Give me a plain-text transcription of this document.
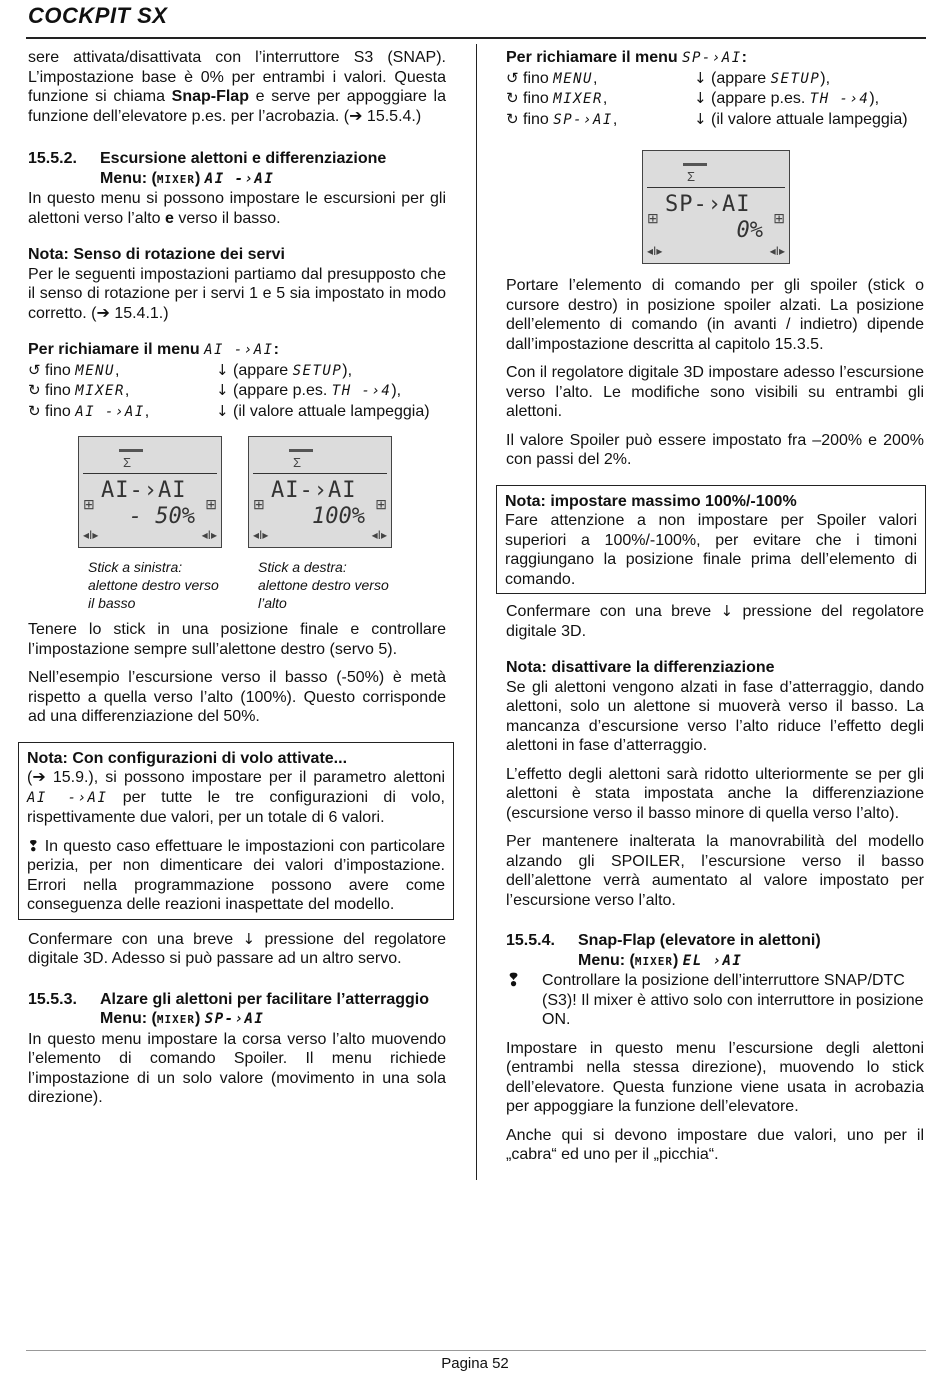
COCKPIT SX

sere attivata/disattivata con l’interruttore S3 (SNAP). L’impostazione base è 0% per entrambi i valori. Questa funzione si chiama Snap-Flap e serve per appoggiare la funzione dell’elevatore p.es. per l’acrobazia. (➔ 15.5.4.)

15.5.2.	Escursione alettoni e differenziazione
Menu: (MIXER) AI -›AI

In questo menu si possono impostare le escursioni per gli alettoni verso l’alto e verso il basso.

Nota: Senso di rotazione dei servi

Per le seguenti impostazioni partiamo dal presupposto che il senso di rotazione per i servi 1 e 5 sia impostato in modo corretto. (➔ 15.4.1.)

Per richiamare il menu AI -›AI:
↺ fino MENU,	↓ (appare SETUP),
↻ fino MIXER,	↓ (appare p.es. TH -›4),
↻ fino AI -›AI,	↓ (il valore attuale lampeggia)
Σ
AI-›AI
⊞	⊞
- 50%
◂I▸	◂I▸
Stick a sinistra: alettone destro verso il basso
Σ
AI-›AI
⊞	⊞
100%
◂I▸	◂I▸
Stick a destra: alettone destro verso l’alto

Tenere lo stick in una posizione finale e controllare l’impostazione sempre sull’alettone destro (servo 5).

Nell’esempio l’escursione verso il basso (-50%) è metà rispetto a quella verso l’alto (100%). Questo corrisponde ad una differenziazione del 50%.

Nota: Con configurazioni di volo attivate...

(➔ 15.9.), si possono impostare per il parametro alettoni AI -›AI per tutte le tre configurazioni di volo, rispettivamente due valori, per un totale di 6 valori.

❢ In questo caso effettuare le impostazioni con particolare perizia, per non dimenticare dei valori d’impostazione. Errori nella programmazione possono avere come conseguenza delle reazioni inaspettate del modello.

Confermare con una breve ↓ pressione del regolatore digitale 3D. Adesso si può passare ad un altro servo.

15.5.3.	Alzare gli alettoni per facilitare l’atterraggio
Menu: (MIXER) SP-›AI

In questo menu impostare la corsa verso l’alto muovendo l’elemento di comando Spoiler. Il menu richiede l’impostazione di un solo valore (movimento in una sola direzione).

Per richiamare il menu SP-›AI:
↺ fino MENU,	↓ (appare SETUP),
↻ fino MIXER,	↓ (appare p.es. TH -›4),
↻ fino SP-›AI,	↓ (il valore attuale lampeggia)
Σ
SP-›AI
⊞	⊞
0%
◂I▸	◂I▸

Portare l’elemento di comando per gli spoiler (stick o cursore destro) in posizione spoiler alzati. La posizione dell’elemento di comando (in avanti / indietro) dipende dall’impostazione descritta al capitolo 15.3.5.

Con il regolatore digitale 3D impostare adesso l’escursione verso l’alto. Le modifiche sono visibili su entrambi gli alettoni.

Il valore Spoiler può essere impostato fra –200% e 200% con passi del 2%.

Nota: impostare massimo 100%/-100%

Fare attenzione a non impostare per Spoiler valori superiori a 100%/-100%, per evitare che i timoni raggiungano la posizione finale prima dell’elemento di comando.

Confermare con una breve ↓ pressione del regolatore digitale 3D.

Nota: disattivare la differenziazione

Se gli alettoni vengono alzati in fase d’atterraggio, dando alettoni, solo un alettone si muoverà verso il basso. La mancanza d’escursione verso l’alto riduce l’effetto degli alettoni in fase d’atterraggio.

L’effetto degli alettoni sarà ridotto ulteriormente se per gli alettoni è stata impostata anche la differenziazione (escursione verso il basso minore di quella verso l’alto).

Per mantenere inalterata la manovrabilità del modello alzando gli SPOILER, l’escursione verso il basso dell’alettone verrà aumentato al valore impostato per l’escursione verso l’alto.

15.5.4.	Snap-Flap (elevatore in alettoni)
Menu: (MIXER) EL ›AI
❢	Controllare la posizione dell’interruttore SNAP/DTC (S3)! Il mixer è attivo solo con interruttore in posizione ON.

Impostare in questo menu l’escursione degli alettoni (entrambi nella stessa direzione), muovendo lo stick dell’elevatore. Questa funzione viene usata in acrobazia per appoggiare la funzione dell’elevatore.

Anche qui si devono impostare due valori, uno per il „cabra“ ed uno per il „picchia“.

Pagina 52
